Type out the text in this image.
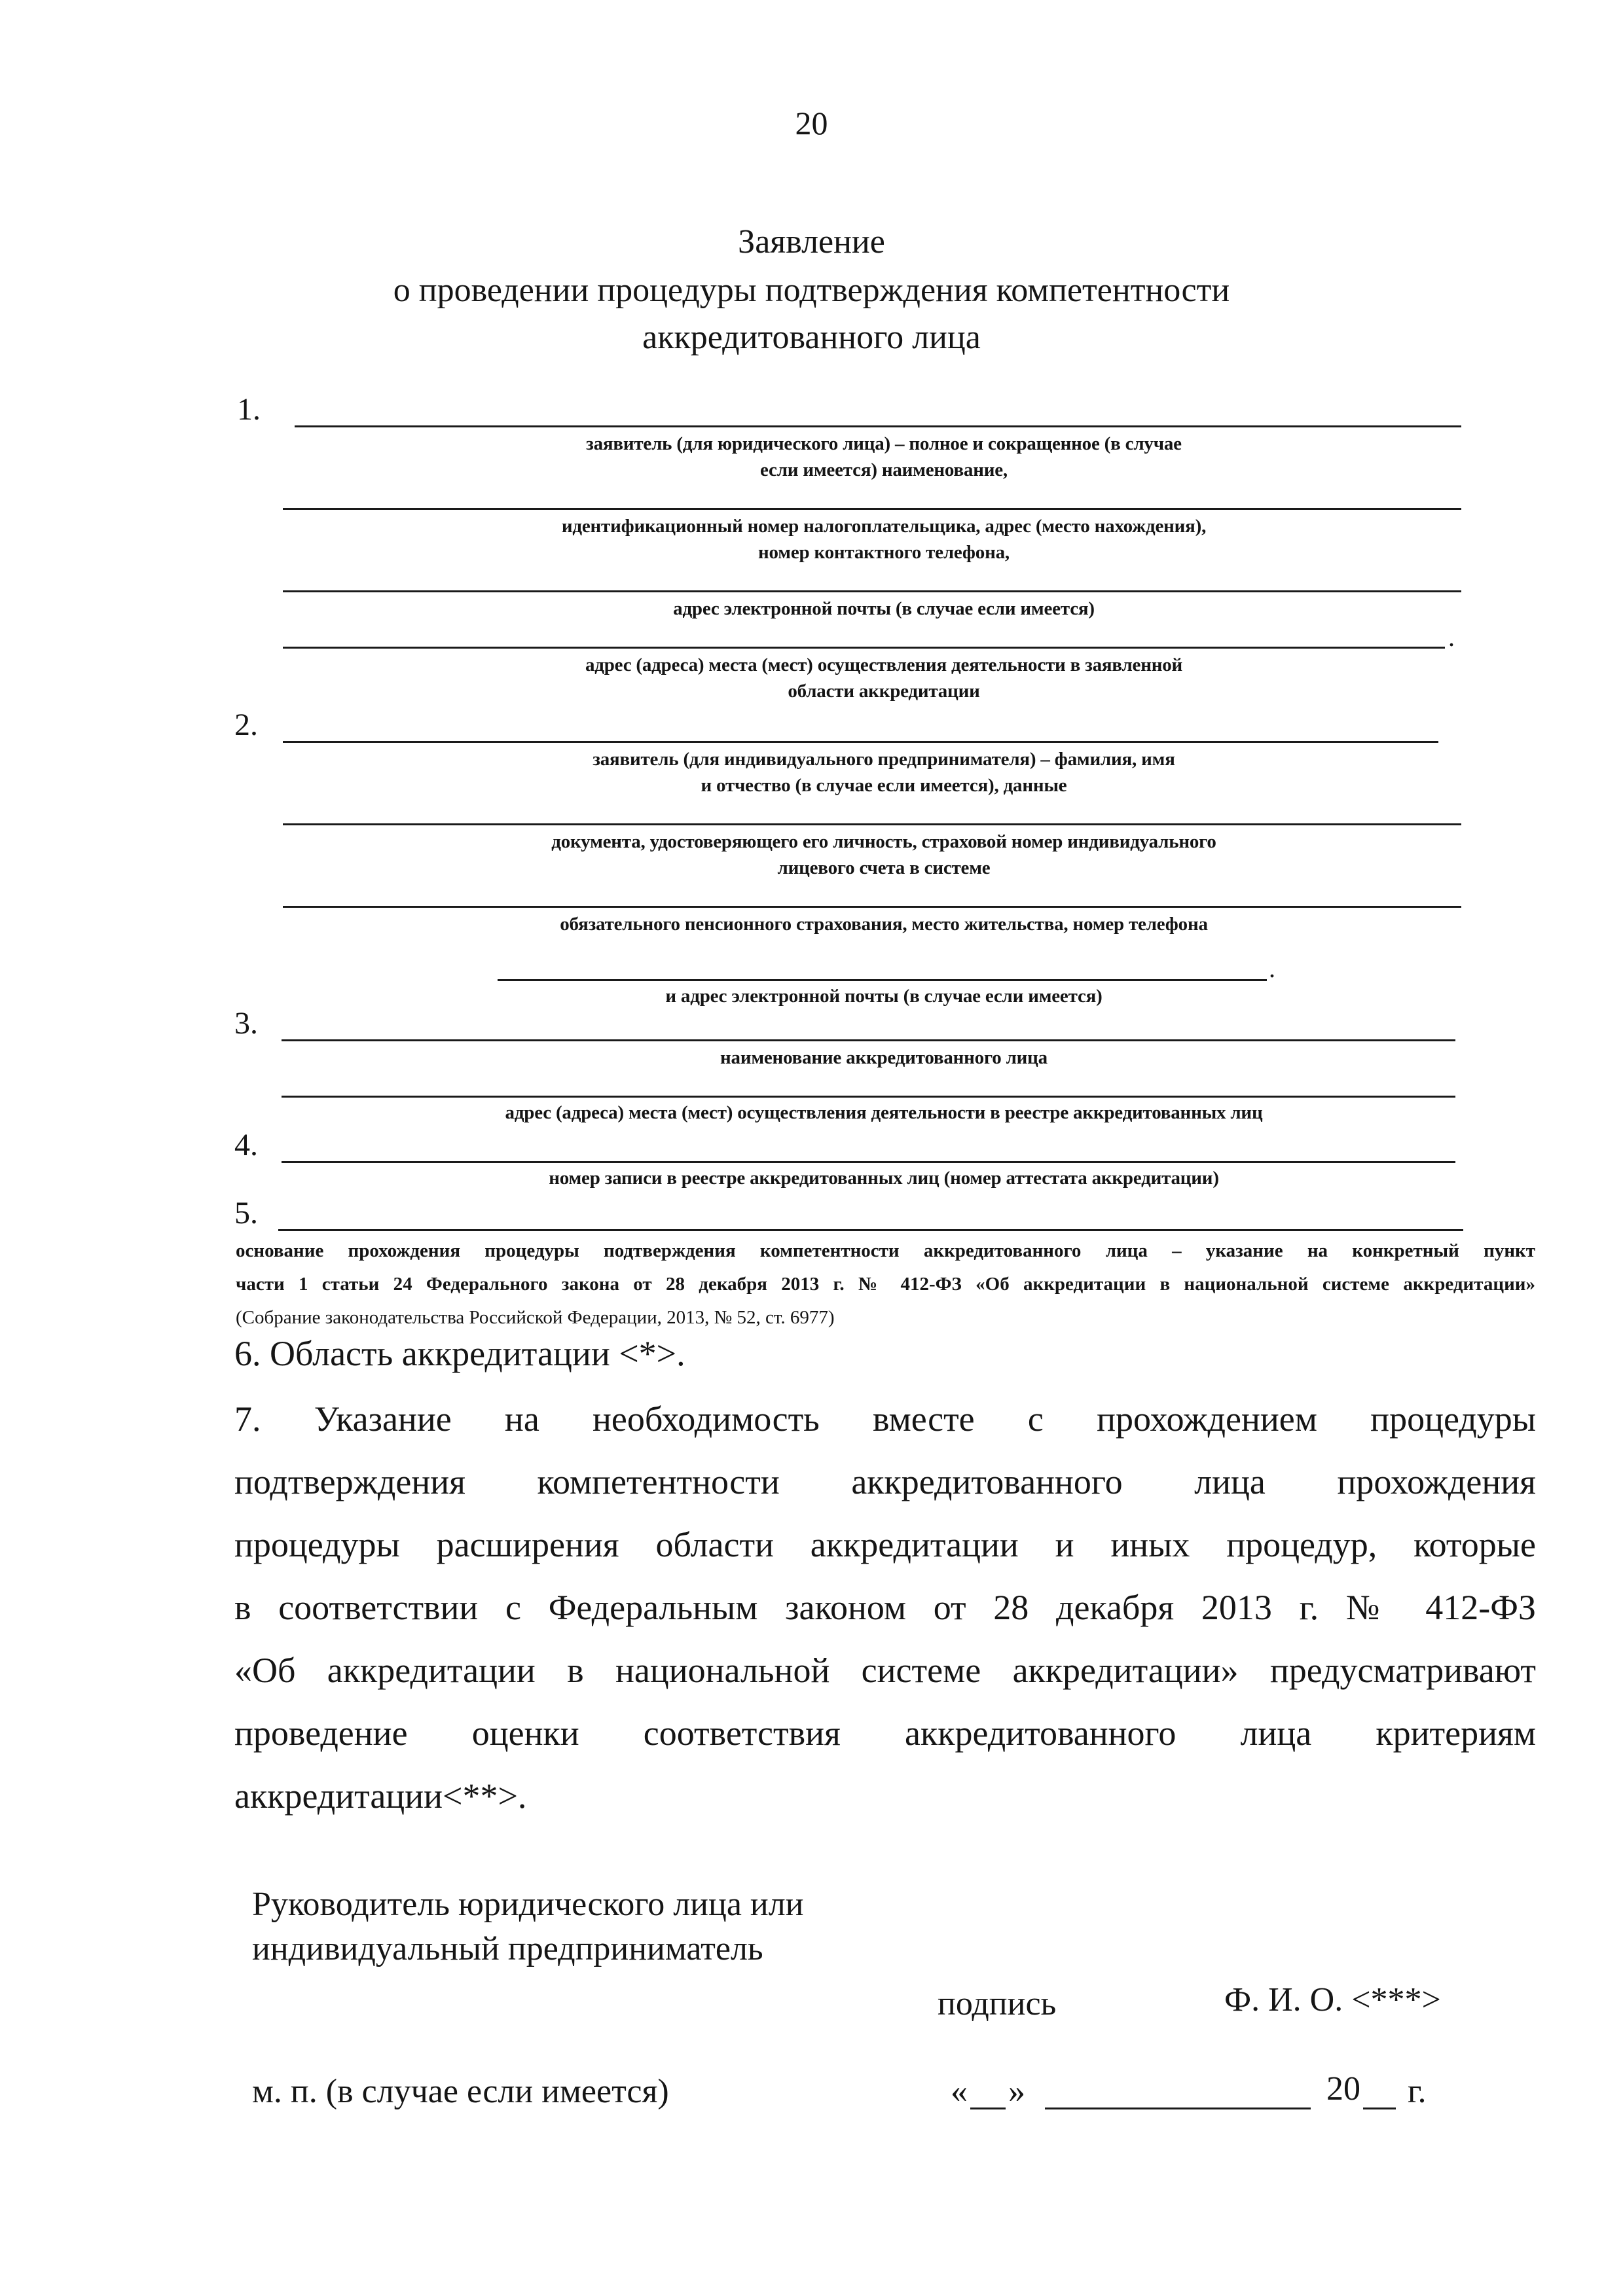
20
Заявление
о проведении процедуры подтверждения компетентности
аккредитованного лица
1.
заявитель (для юридического лица) – полное и сокращенное (в случае
если имеется) наименование,
идентификационный номер налогоплательщика, адрес (место нахождения),
номер контактного телефона,
адрес электронной почты (в случае если имеется)
.
адрес (адреса) места (мест) осуществления деятельности в заявленной
области аккредитации
2.
заявитель (для индивидуального предпринимателя) – фамилия, имя
и отчество (в случае если имеется), данные
документа, удостоверяющего его личность, страховой номер индивидуального
лицевого счета в системе
обязательного пенсионного страхования, место жительства, номер телефона
.
и адрес электронной почты (в случае если имеется)
3.
наименование аккредитованного лица
адрес (адреса) места (мест) осуществления деятельности в реестре аккредитованных лиц
4.
номер записи в реестре аккредитованных лиц (номер аттестата аккредитации)
5.
основание прохождения процедуры подтверждения компетентности аккредитованного лица – указание на конкретный пункт
части 1 статьи 24 Федерального закона от 28 декабря 2013 г. № 412-ФЗ «Об аккредитации в национальной системе аккредитации»
(Собрание законодательства Российской Федерации, 2013, № 52, ст. 6977)
6. Область аккредитации <*>.
7. Указание на необходимость вместе с прохождением процедуры
подтверждения компетентности аккредитованного лица прохождения
процедуры расширения области аккредитации и иных процедур, которые
в соответствии с Федеральным законом от 28 декабря 2013 г. № 412-ФЗ
«Об аккредитации в национальной системе аккредитации» предусматривают
проведение оценки соответствия аккредитованного лица критериям
аккредитации<**>.
Руководитель юридического лица или
индивидуальный предприниматель
подпись	Ф. И. О. <***>
м. п. (в случае если имеется)	« »	20 г.
